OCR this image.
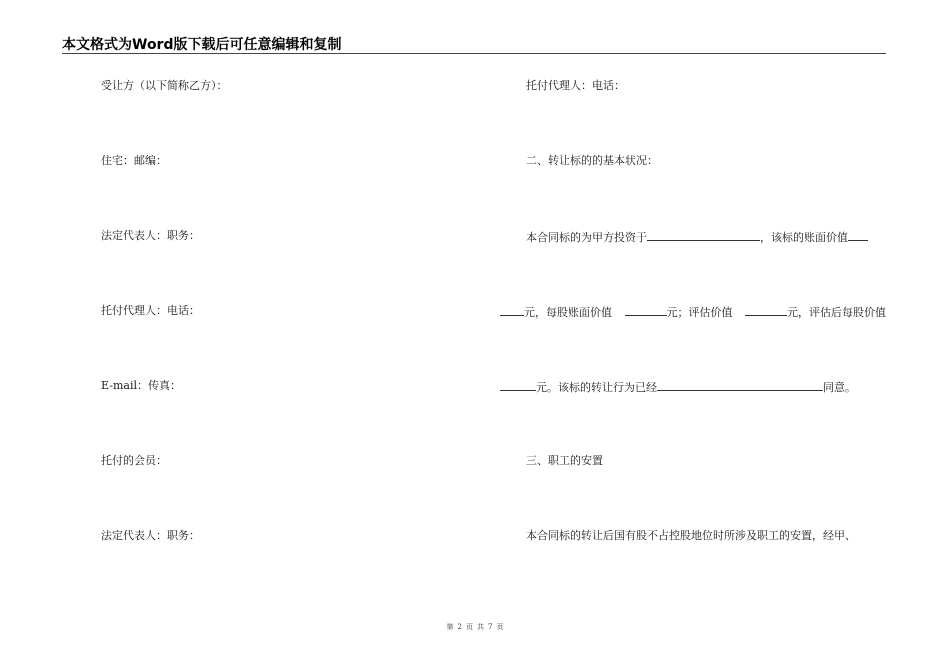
本文格式为Word版下载后可任意编辑和复制
受让方（以下简称乙方）：
住宅：邮编：
法定代表人：职务：
托付代理人：电话：
E-mail：传真：
托付的会员：
法定代表人：职务：
托付代理人：电话：
二、转让标的的基本状况：
本合同标的为甲方投资于	，该标的账面价值
元，每股账面价值	元；评估价值	元，评估后每股价值
元。该标的转让行为已经	同意。
三、职工的安置
本合同标的转让后国有股不占控股地位时所涉及职工的安置，经甲、
第 2 页 共 7 页
